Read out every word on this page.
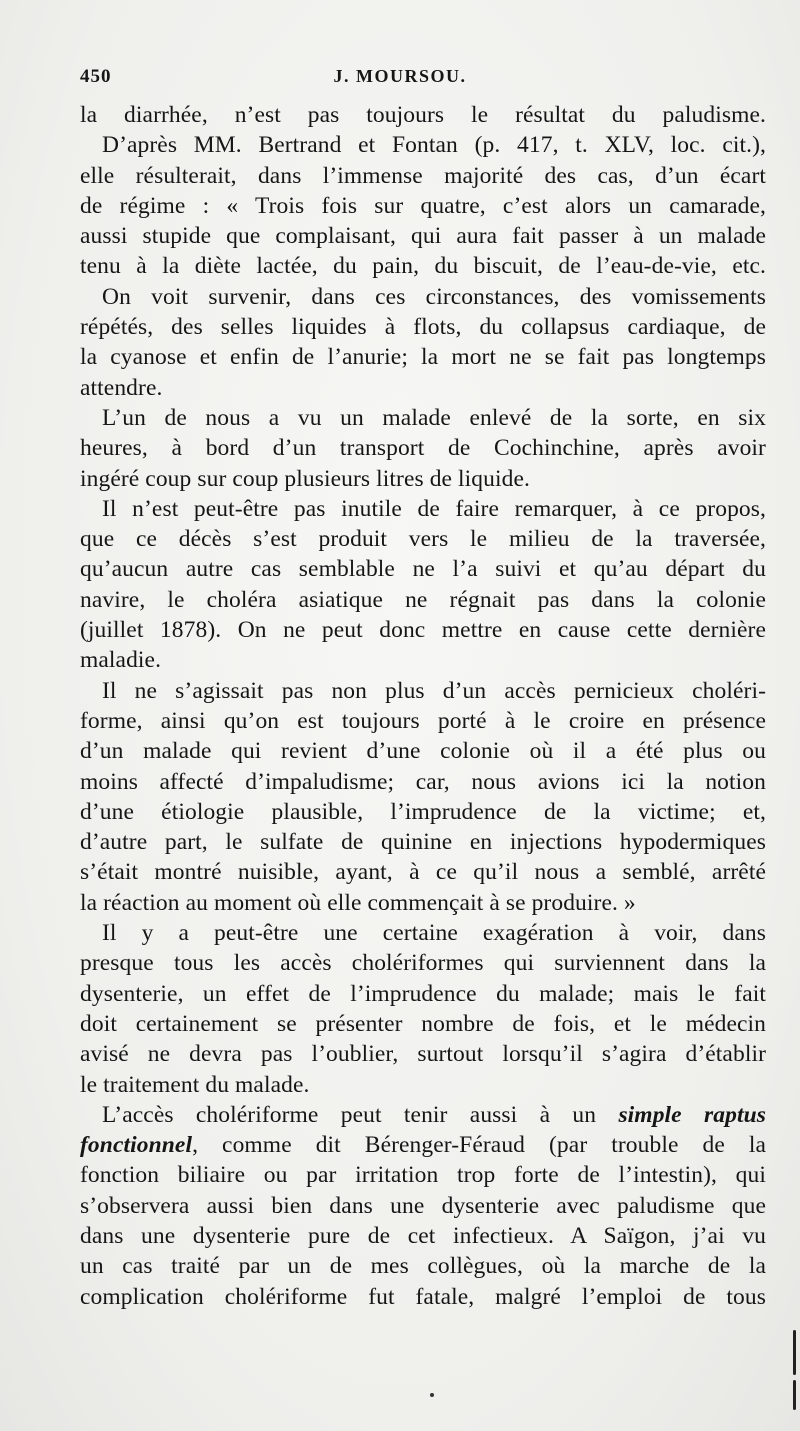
450	J. MOURSOU.
la diarrhée, n’est pas toujours le résultat du paludisme.
D’après MM. Bertrand et Fontan (p. 417, t. XLV, loc. cit.),
elle résulterait, dans l’immense majorité des cas, d’un écart
de régime : « Trois fois sur quatre, c’est alors un camarade,
aussi stupide que complaisant, qui aura fait passer à un malade
tenu à la diète lactée, du pain, du biscuit, de l’eau-de-vie, etc.
On voit survenir, dans ces circonstances, des vomissements
répétés, des selles liquides à flots, du collapsus cardiaque, de
la cyanose et enfin de l’anurie; la mort ne se fait pas longtemps
attendre.
L’un de nous a vu un malade enlevé de la sorte, en six
heures, à bord d’un transport de Cochinchine, après avoir
ingéré coup sur coup plusieurs litres de liquide.
Il n’est peut-être pas inutile de faire remarquer, à ce propos,
que ce décès s’est produit vers le milieu de la traversée,
qu’aucun autre cas semblable ne l’a suivi et qu’au départ du
navire, le choléra asiatique ne régnait pas dans la colonie
(juillet 1878). On ne peut donc mettre en cause cette dernière
maladie.
Il ne s’agissait pas non plus d’un accès pernicieux choléri-
forme, ainsi qu’on est toujours porté à le croire en présence
d’un malade qui revient d’une colonie où il a été plus ou
moins affecté d’impaludisme; car, nous avions ici la notion
d’une étiologie plausible, l’imprudence de la victime; et,
d’autre part, le sulfate de quinine en injections hypodermiques
s’était montré nuisible, ayant, à ce qu’il nous a semblé, arrêté
la réaction au moment où elle commençait à se produire. »
Il y a peut-être une certaine exagération à voir, dans
presque tous les accès cholériformes qui surviennent dans la
dysenterie, un effet de l’imprudence du malade; mais le fait
doit certainement se présenter nombre de fois, et le médecin
avisé ne devra pas l’oublier, surtout lorsqu’il s’agira d’établir
le traitement du malade.
L’accès cholériforme peut tenir aussi à un simple raptus
fonctionnel, comme dit Bérenger-Féraud (par trouble de la
fonction biliaire ou par irritation trop forte de l’intestin), qui
s’observera aussi bien dans une dysenterie avec paludisme que
dans une dysenterie pure de cet infectieux. A Saïgon, j’ai vu
un cas traité par un de mes collègues, où la marche de la
complication cholériforme fut fatale, malgré l’emploi de tous
